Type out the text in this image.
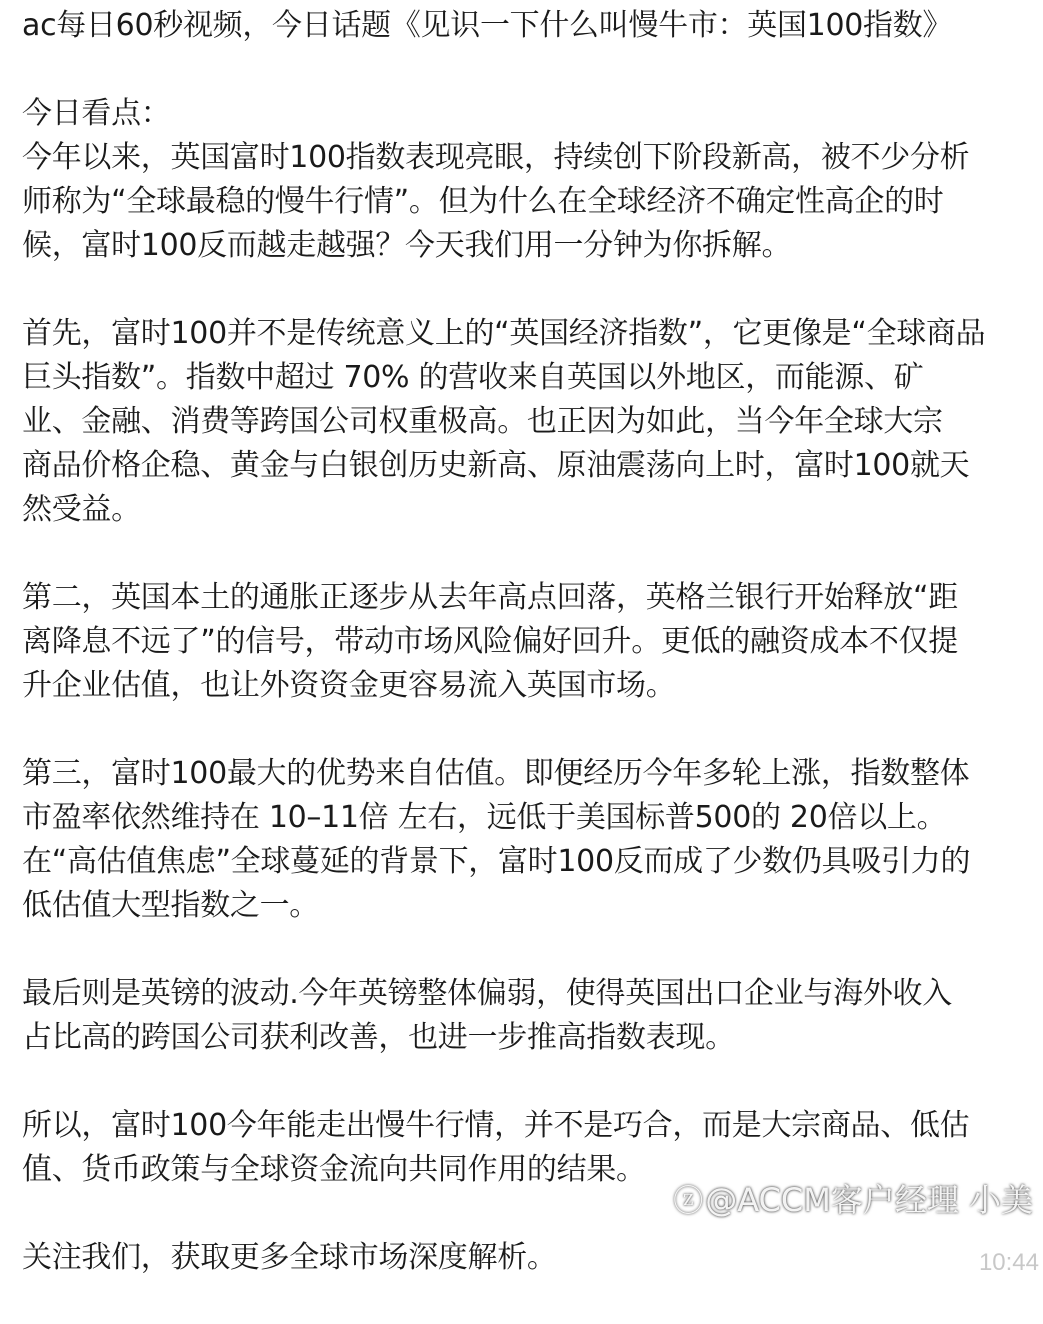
ac每日60秒视频，今日话题《见识一下什么叫慢牛市：英国100指数》
今日看点：
今年以来，英国富时100指数表现亮眼，持续创下阶段新高，被不少分析
师称为“全球最稳的慢牛行情”。但为什么在全球经济不确定性高企的时
候，富时100反而越走越强？今天我们用一分钟为你拆解。
首先，富时100并不是传统意义上的“英国经济指数”，它更像是“全球商品
巨头指数”。指数中超过 70% 的营收来自英国以外地区，而能源、矿
业、金融、消费等跨国公司权重极高。也正因为如此，当今年全球大宗
商品价格企稳、黄金与白银创历史新高、原油震荡向上时，富时100就天
然受益。
第二，英国本土的通胀正逐步从去年高点回落，英格兰银行开始释放“距
离降息不远了”的信号，带动市场风险偏好回升。更低的融资成本不仅提
升企业估值，也让外资资金更容易流入英国市场。
第三，富时100最大的优势来自估值。即便经历今年多轮上涨，指数整体
市盈率依然维持在 10–11倍 左右，远低于美国标普500的 20倍以上。
在“高估值焦虑”全球蔓延的背景下，富时100反而成了少数仍具吸引力的
低估值大型指数之一。
最后则是英镑的波动.今年英镑整体偏弱，使得英国出口企业与海外收入
占比高的跨国公司获利改善，也进一步推高指数表现。
所以，富时100今年能走出慢牛行情，并不是巧合，而是大宗商品、低估
值、货币政策与全球资金流向共同作用的结果。
关注我们，获取更多全球市场深度解析。
ⓩ@ACCM客户经理 小美
10:44
